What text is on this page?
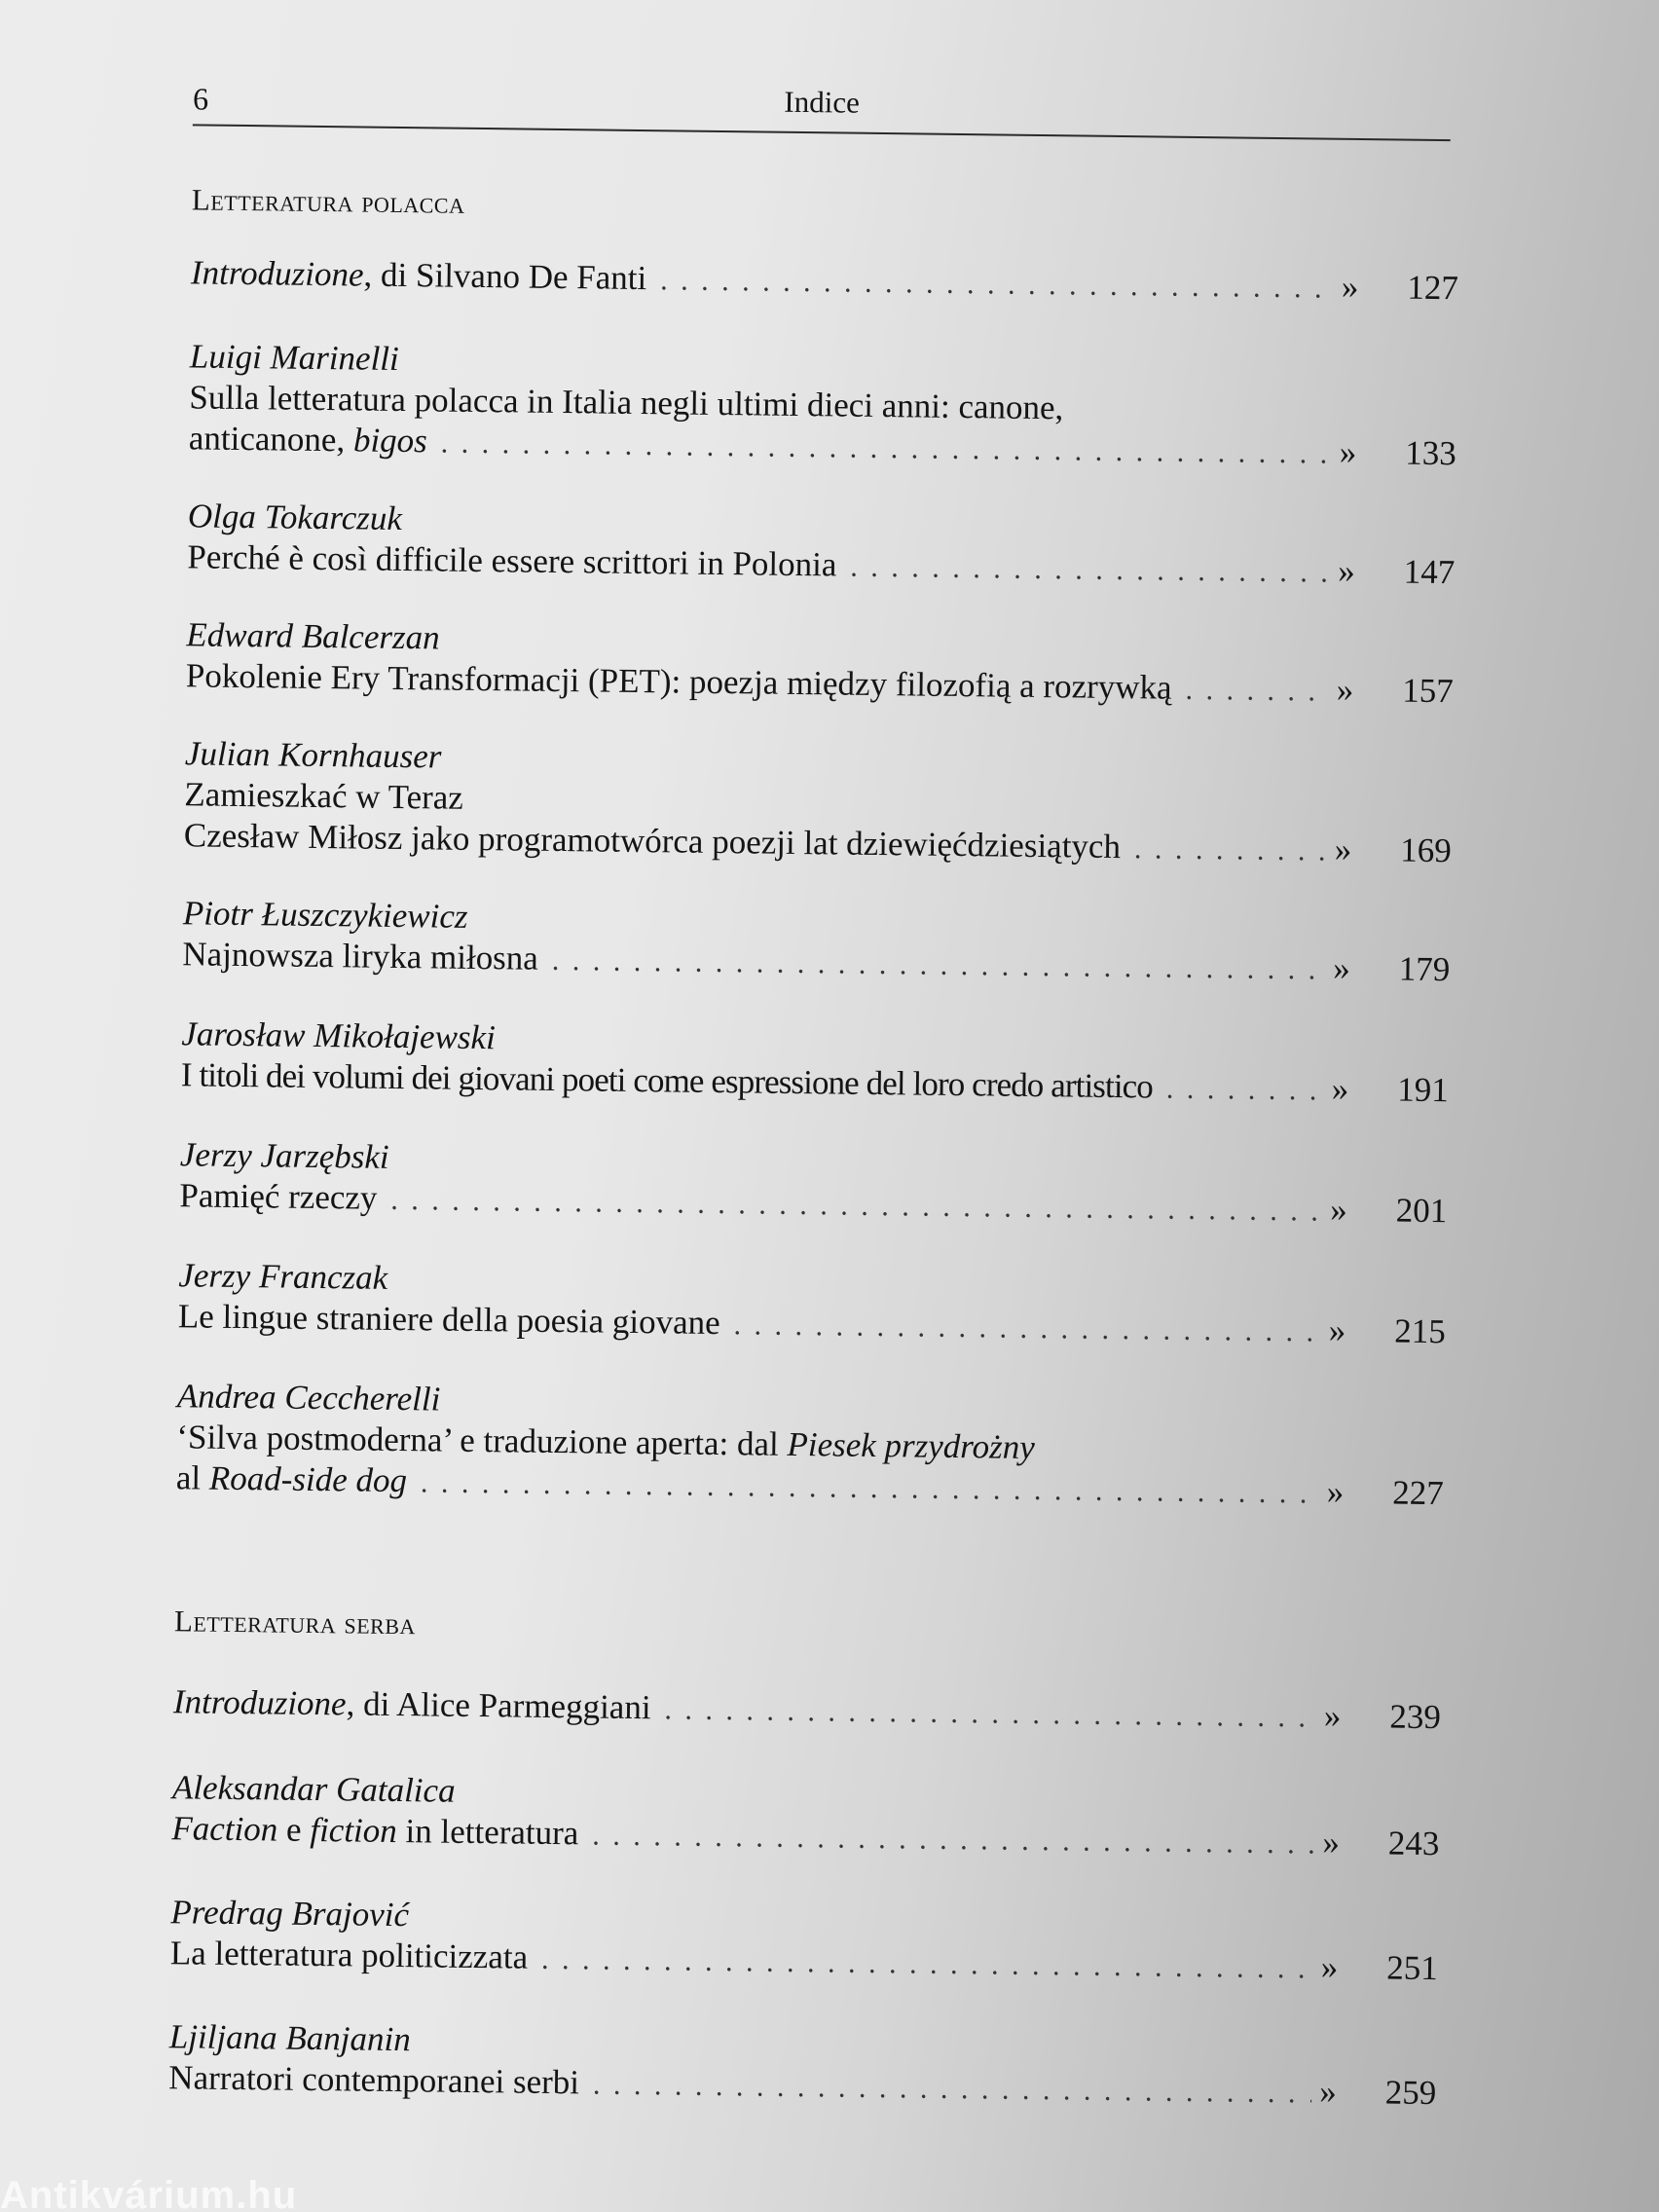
6	Indice
Letteratura polacca
Introduzione, di Silvano De Fanti . . .	»	127
Luigi Marinelli
Sulla letteratura polacca in Italia negli ultimi dieci anni: canone,
anticanone, bigos . . .	»	133
Olga Tokarczuk
Perché è così difficile essere scrittori in Polonia . . .	»	147
Edward Balcerzan
Pokolenie Ery Transformacji (PET): poezja między filozofią a rozrywką . . .	»	157
Julian Kornhauser
Zamieszkać w Teraz
Czesław Miłosz jako programotwórca poezji lat dziewięćdziesiątych . . .	»	169
Piotr Łuszczykiewicz
Najnowsza liryka miłosna . . .	»	179
Jarosław Mikołajewski
I titoli dei volumi dei giovani poeti come espressione del loro credo artistico . . .	»	191
Jerzy Jarzębski
Pamięć rzeczy . . .	»	201
Jerzy Franczak
Le lingue straniere della poesia giovane . . .	»	215
Andrea Ceccherelli
‘Silva postmoderna’ e traduzione aperta: dal Piesek przydrożny
al Road-side dog . . .	»	227
Letteratura serba
Introduzione, di Alice Parmeggiani . . .	»	239
Aleksandar Gatalica
Faction e fiction in letteratura . . .	»	243
Predrag Brajović
La letteratura politicizzata . . .	»	251
Ljiljana Banjanin
Narratori contemporanei serbi . . .	»	259
Antikvárium.hu
